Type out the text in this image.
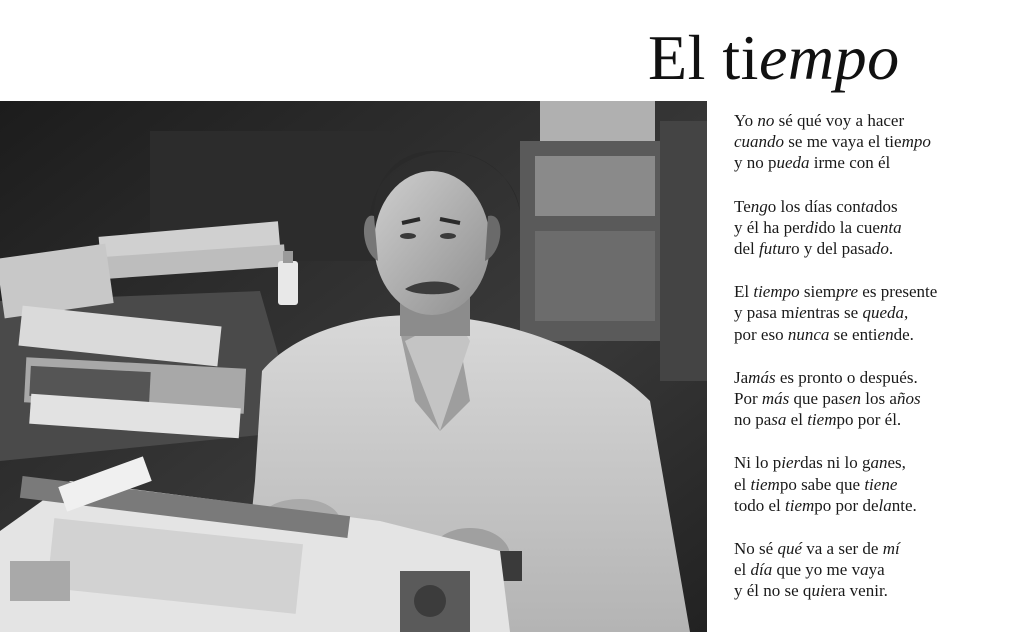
El tiempo
Yo no sé qué voy a hacer
cuando se me vaya el tiempo
y no pueda irme con él
Tengo los días contados
y él ha perdido la cuenta
del futuro y del pasado.
El tiempo siempre es presente
y pasa mientras se queda,
por eso nunca se entiende.
Jamás es pronto o después.
Por más que pasen los años
no pasa el tiempo por él.
Ni lo pierdas ni lo ganes,
el tiempo sabe que tiene
todo el tiempo por delante.
No sé qué va a ser de mí
el día que yo me vaya
y él no se quiera venir.
